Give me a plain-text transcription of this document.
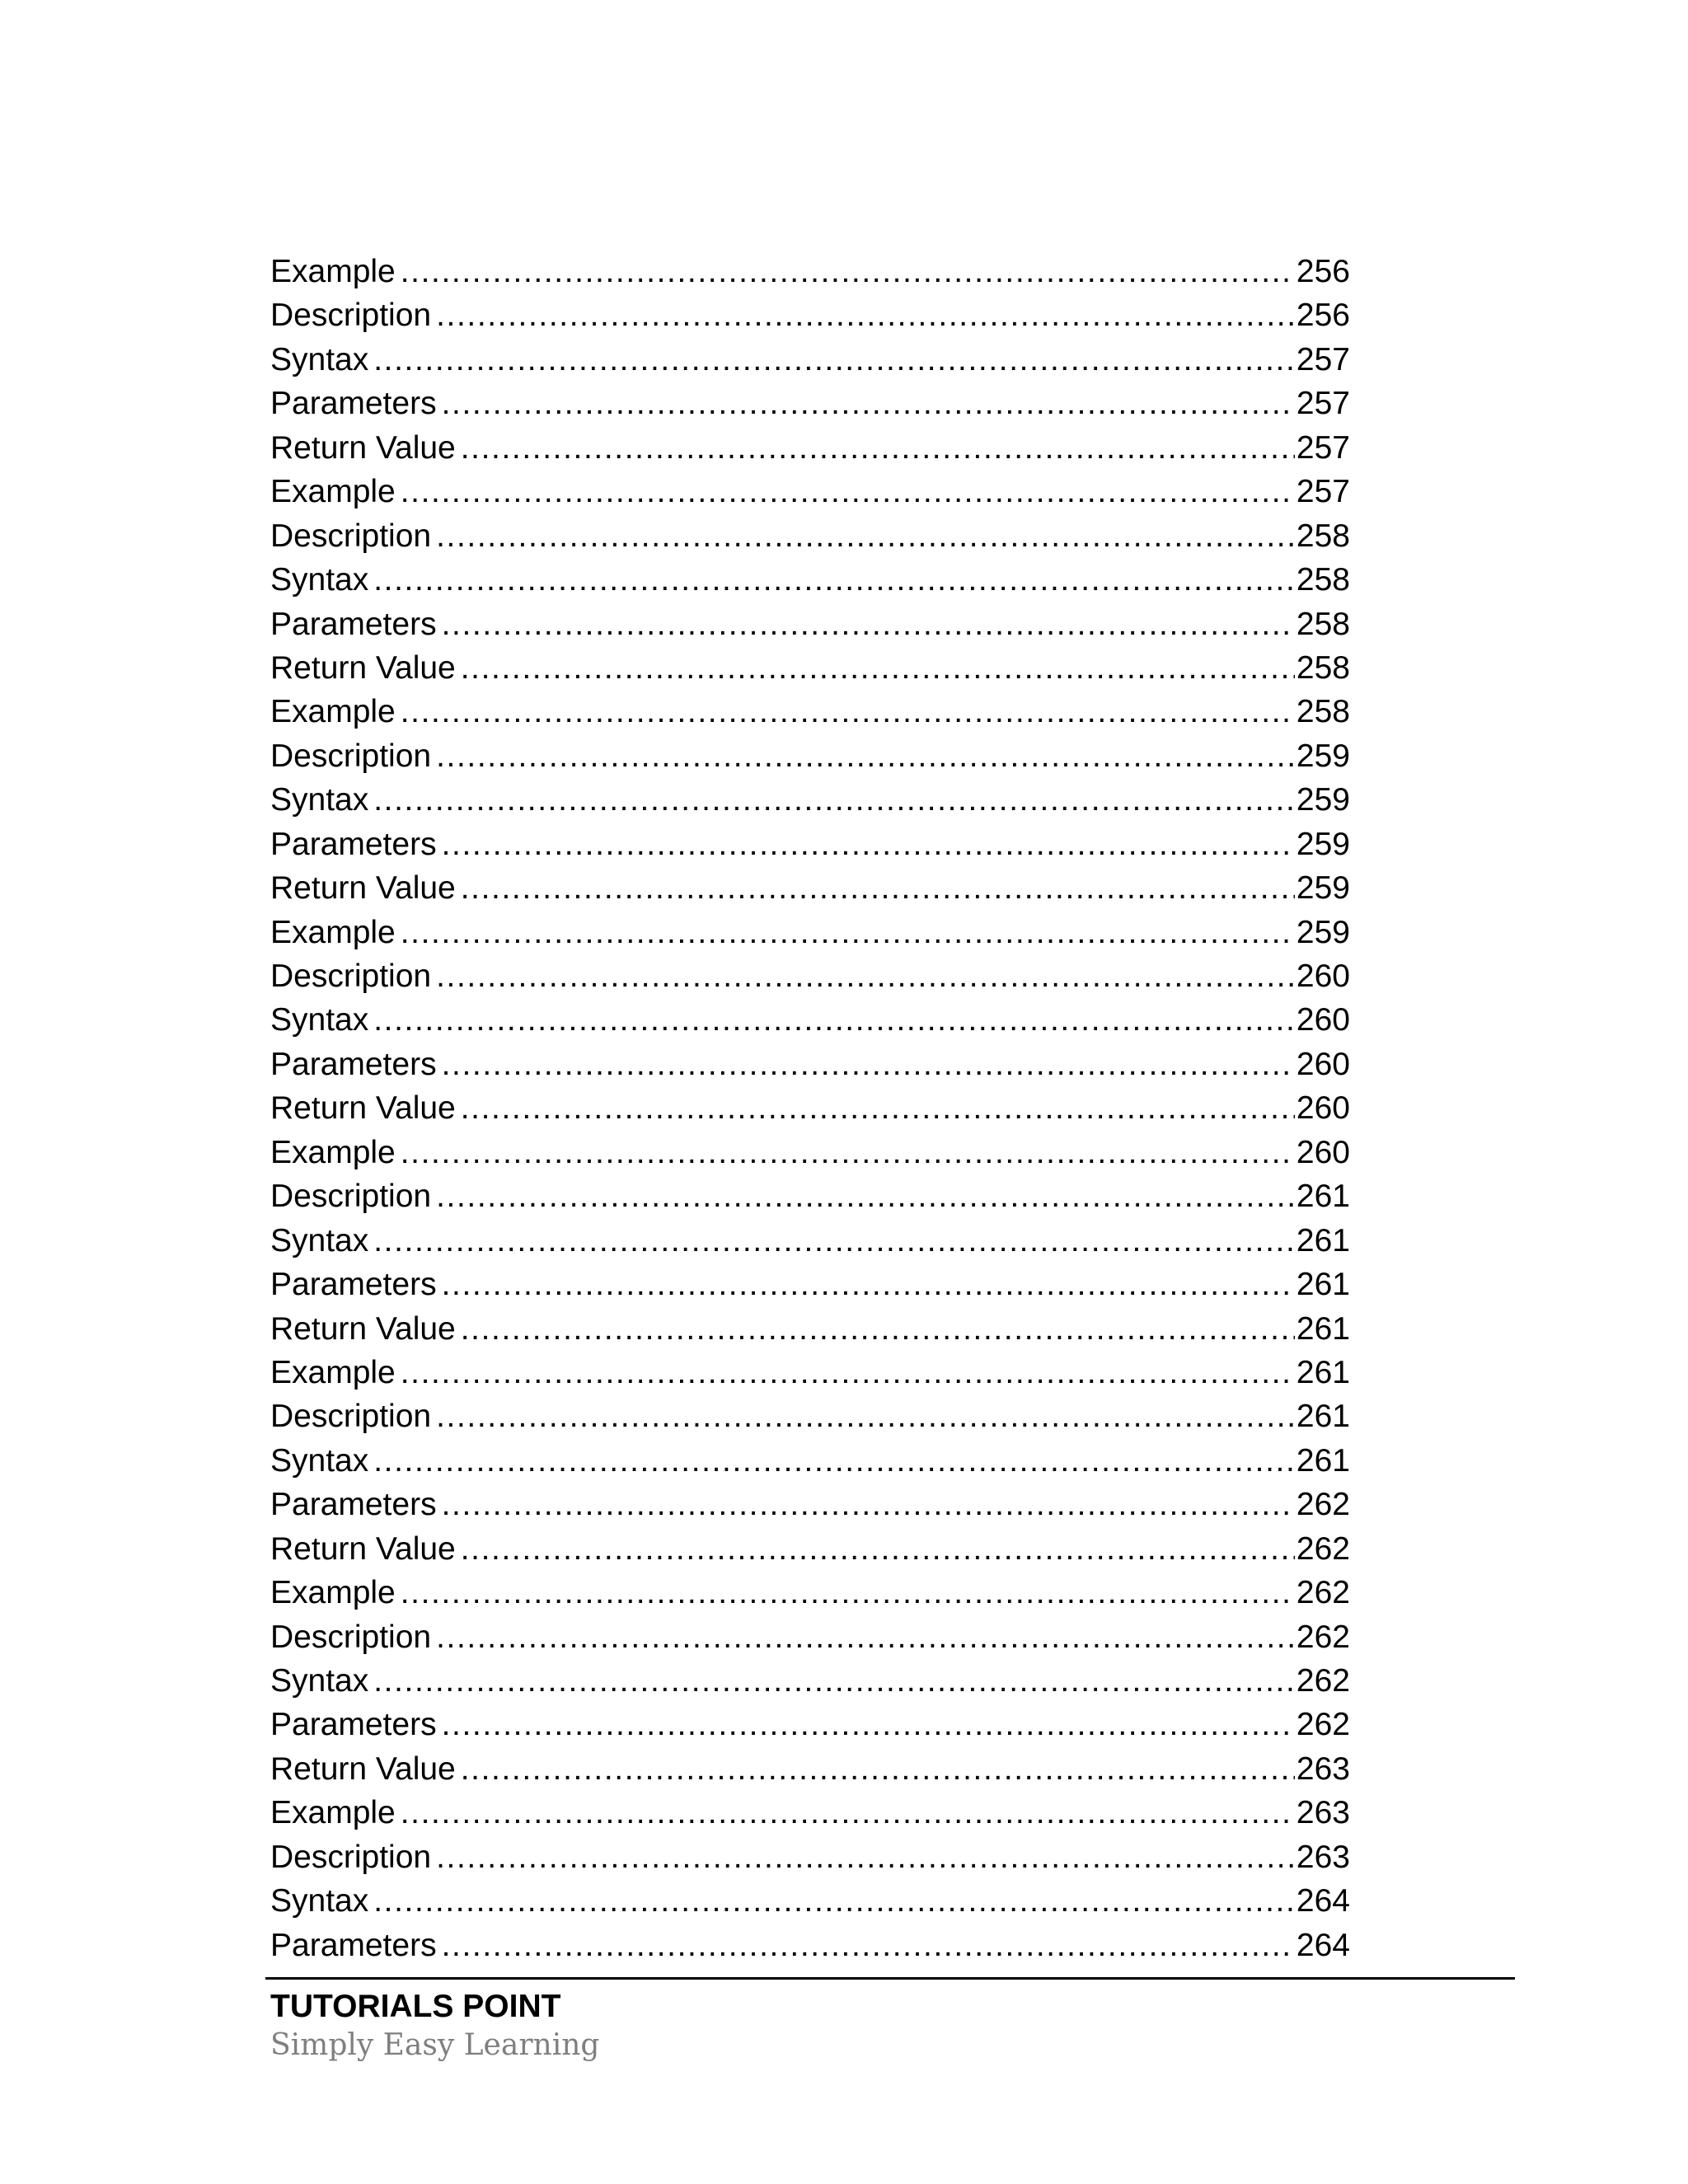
Example .....	256
Description .....	256
Syntax .....	257
Parameters .....	257
Return Value .....	257
Example .....	257
Description .....	258
Syntax .....	258
Parameters .....	258
Return Value .....	258
Example .....	258
Description .....	259
Syntax .....	259
Parameters .....	259
Return Value .....	259
Example .....	259
Description .....	260
Syntax .....	260
Parameters .....	260
Return Value .....	260
Example .....	260
Description .....	261
Syntax .....	261
Parameters .....	261
Return Value .....	261
Example .....	261
Description .....	261
Syntax .....	261
Parameters .....	262
Return Value .....	262
Example .....	262
Description .....	262
Syntax .....	262
Parameters .....	262
Return Value .....	263
Example .....	263
Description .....	263
Syntax .....	264
Parameters .....	264
TUTORIALS POINT
Simply Easy Learning
